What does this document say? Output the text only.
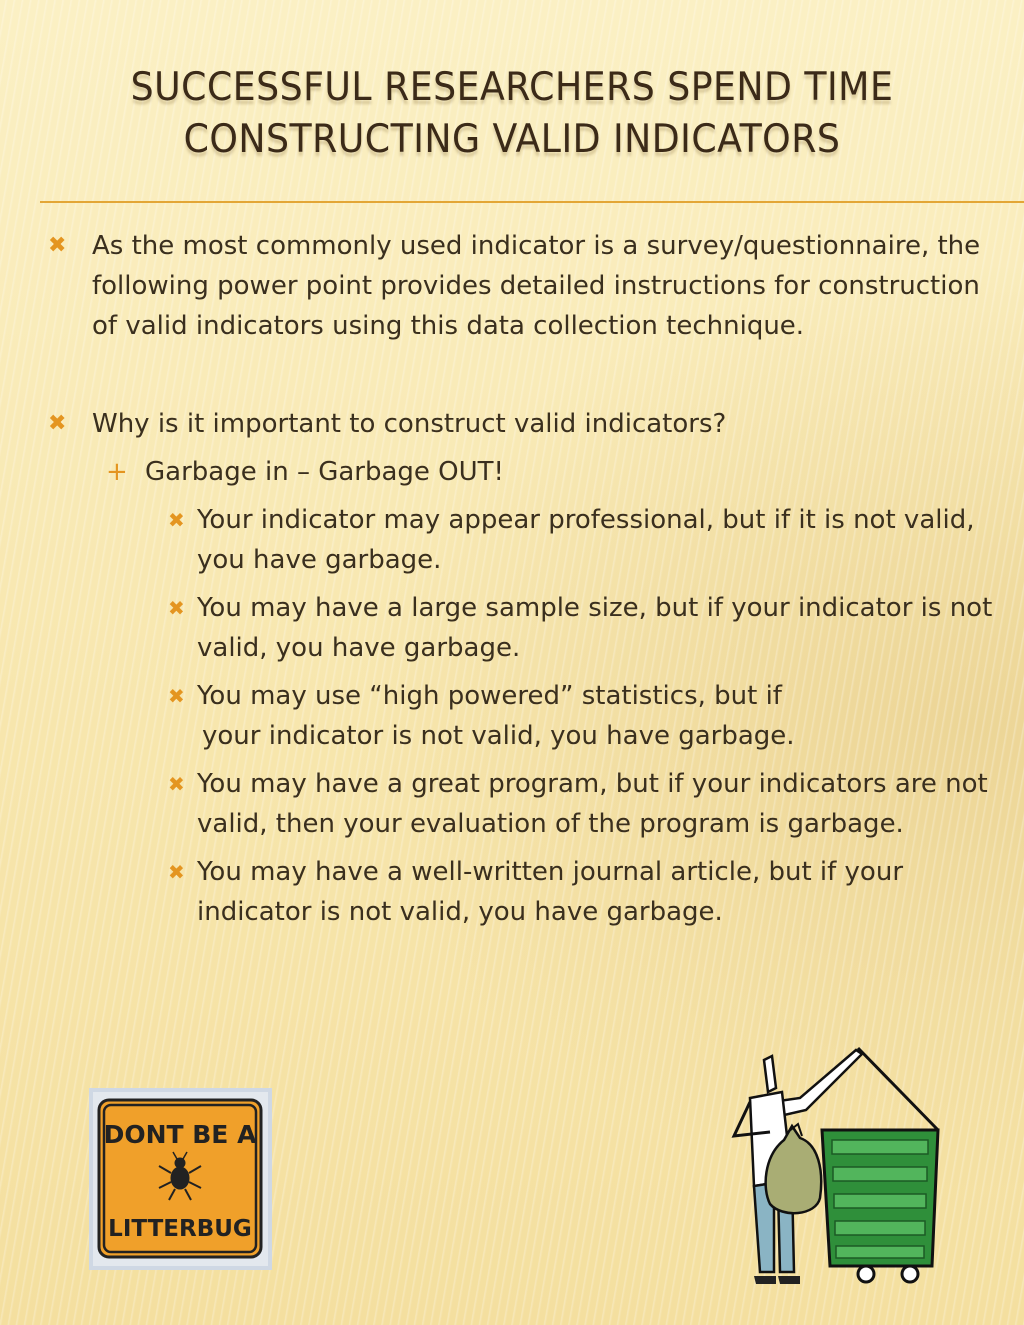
SUCCESSFUL RESEARCHERS SPEND TIME
CONSTRUCTING VALID INDICATORS
✖ As the most commonly used indicator is a survey/questionnaire, the following power point provides detailed instructions for construction of valid indicators using this data collection technique.
✖ Why is it important to construct valid indicators?
+ Garbage in – Garbage OUT!
✖ Your indicator may appear professional, but if it is not valid, you have garbage.
✖ You may have a large sample size, but if your indicator is not valid, you have garbage.
✖ You may use “high powered” statistics, but if
your indicator is not valid, you have garbage.
✖ You may have a great program, but if your indicators are not valid, then your evaluation of the program is garbage.
✖ You may have a well-written journal article, but if your indicator is not valid, you have garbage.
DONT BE A
LITTERBUG
